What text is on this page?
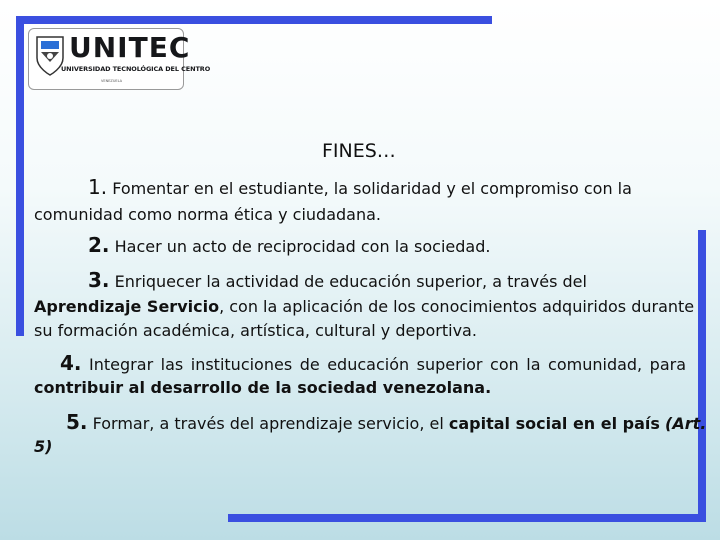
UNITEC
UNIVERSIDAD TECNOLÓGICA DEL CENTRO
VENEZUELA
FINES…
1. Fomentar en el estudiante, la solidaridad y el compromiso con la
comunidad como norma ética y ciudadana.
2. Hacer un acto de reciprocidad con la sociedad.
3. Enriquecer la actividad de educación superior, a través del
Aprendizaje Servicio, con la aplicación de los conocimientos adquiridos durante
su formación académica, artística, cultural y deportiva.
4. Integrar las instituciones de educación superior con la comunidad, para
contribuir al desarrollo de la sociedad venezolana.
5. Formar, a través del aprendizaje servicio, el capital social en el país (Art.
5)
